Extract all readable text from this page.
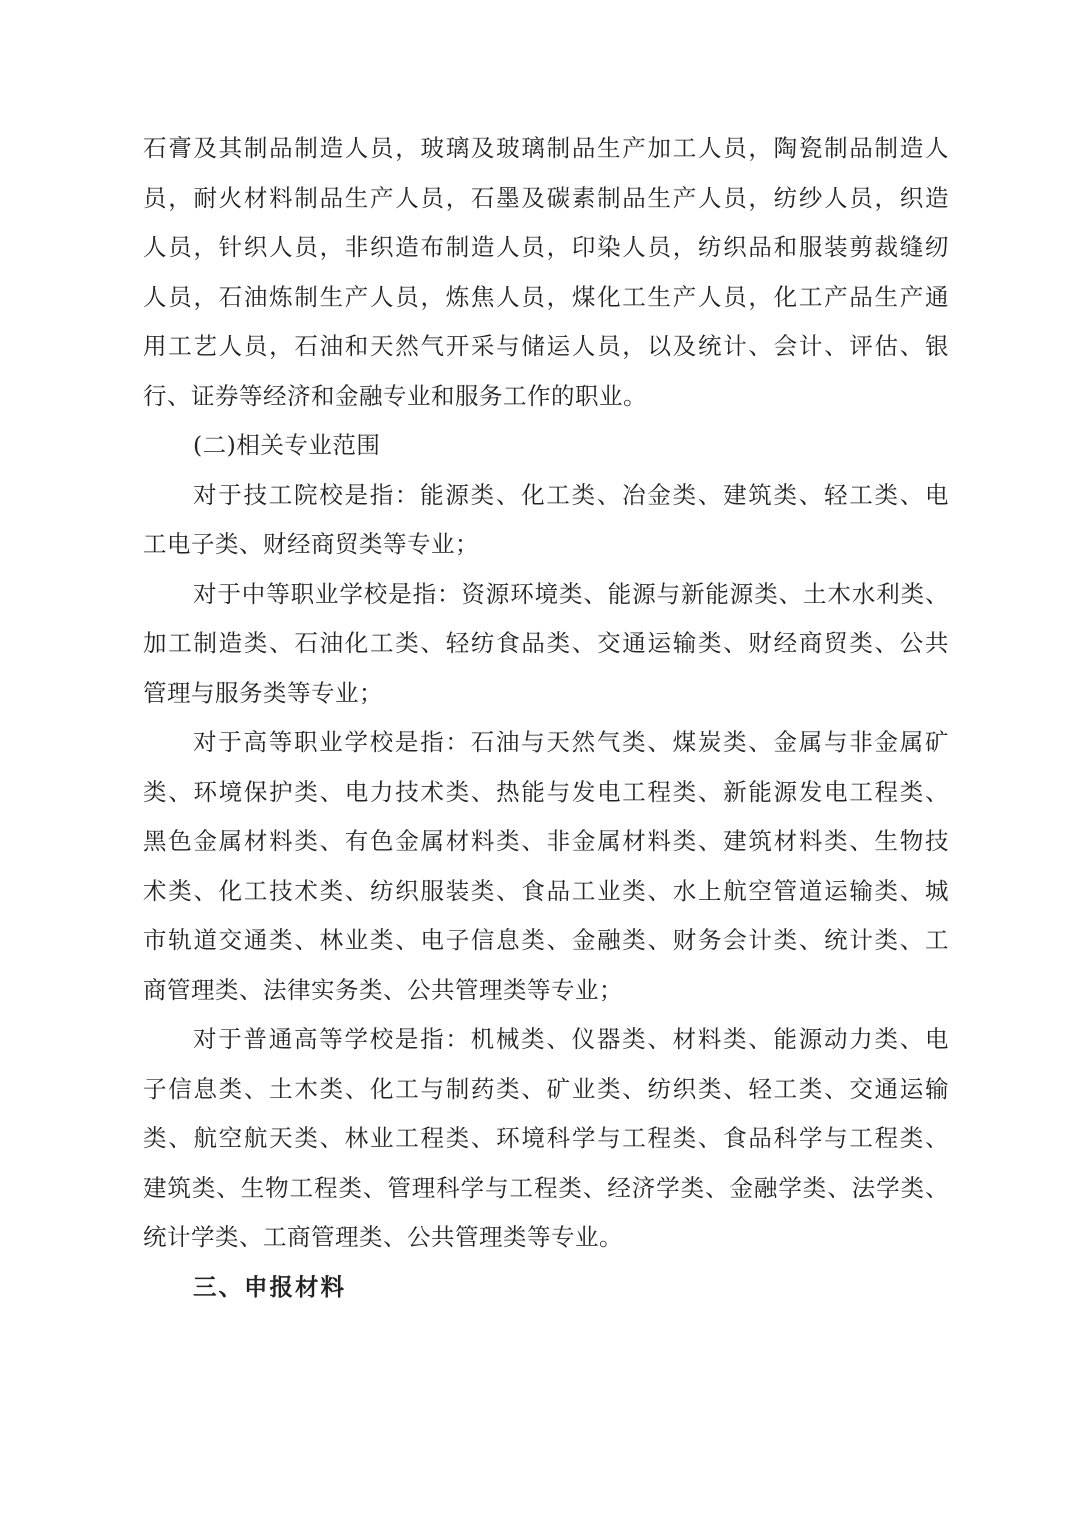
石膏及其制品制造人员，玻璃及玻璃制品生产加工人员，陶瓷制品制造人
员，耐火材料制品生产人员，石墨及碳素制品生产人员，纺纱人员，织造
人员，针织人员，非织造布制造人员，印染人员，纺织品和服装剪裁缝纫
人员，石油炼制生产人员，炼焦人员，煤化工生产人员，化工产品生产通
用工艺人员，石油和天然气开采与储运人员，以及统计、会计、评估、银
行、证券等经济和金融专业和服务工作的职业。
(二)相关专业范围
对于技工院校是指：能源类、化工类、冶金类、建筑类、轻工类、电
工电子类、财经商贸类等专业；
对于中等职业学校是指：资源环境类、能源与新能源类、土木水利类、
加工制造类、石油化工类、轻纺食品类、交通运输类、财经商贸类、公共
管理与服务类等专业；
对于高等职业学校是指：石油与天然气类、煤炭类、金属与非金属矿
类、环境保护类、电力技术类、热能与发电工程类、新能源发电工程类、
黑色金属材料类、有色金属材料类、非金属材料类、建筑材料类、生物技
术类、化工技术类、纺织服装类、食品工业类、水上航空管道运输类、城
市轨道交通类、林业类、电子信息类、金融类、财务会计类、统计类、工
商管理类、法律实务类、公共管理类等专业；
对于普通高等学校是指：机械类、仪器类、材料类、能源动力类、电
子信息类、土木类、化工与制药类、矿业类、纺织类、轻工类、交通运输
类、航空航天类、林业工程类、环境科学与工程类、食品科学与工程类、
建筑类、生物工程类、管理科学与工程类、经济学类、金融学类、法学类、
统计学类、工商管理类、公共管理类等专业。
三、申报材料
